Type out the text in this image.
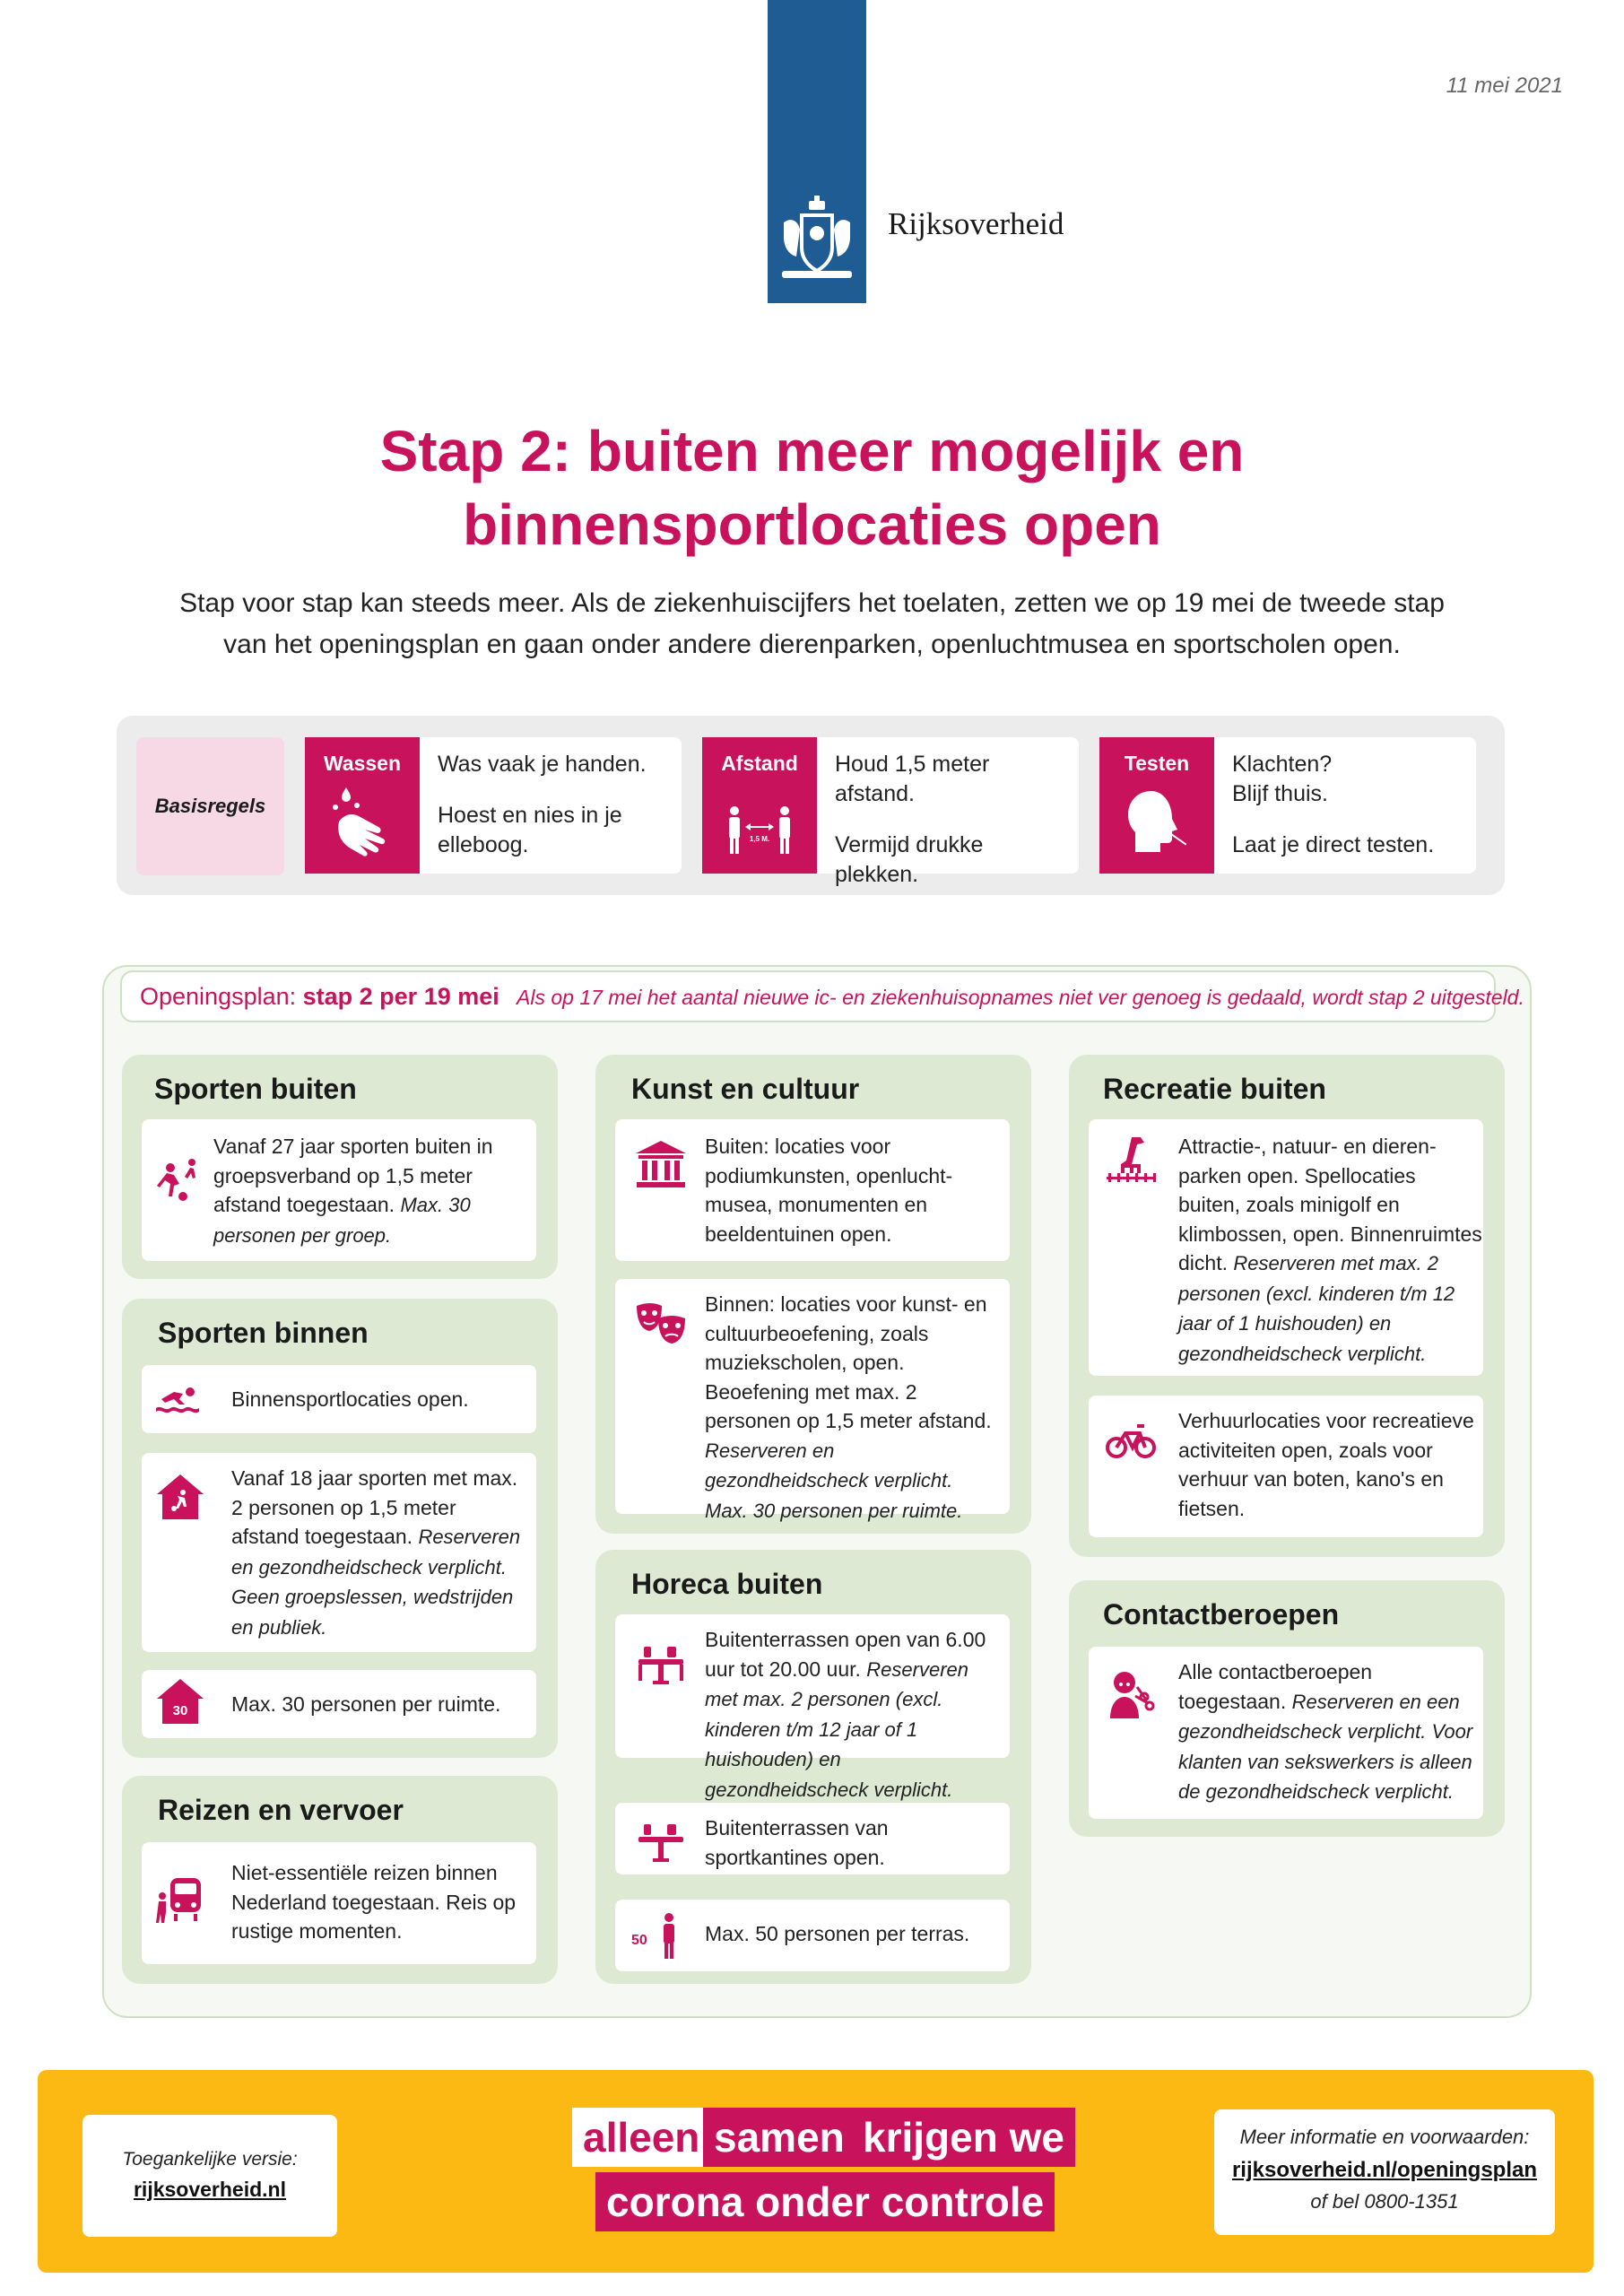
Rijksoverheid
11 mei 2021
Stap 2: buiten meer mogelijk en
binnensportlocaties open
Stap voor stap kan steeds meer. Als de ziekenhuiscijfers het toelaten, zetten we op 19 mei de tweede stap
van het openingsplan en gaan onder andere dierenparken, openluchtmusea en sportscholen open.
Basisregels
Wassen	Was vaak je handen.

Hoest en nies in je elleboog.

Afstand
1,5 M.

Houd 1,5 meter afstand.

Vermijd drukke plekken.

Testen	Klachten? Blijf thuis.

Laat je direct testen.

Openingsplan: stap 2 per 19 mei Als op 17 mei het aantal nieuwe ic- en ziekenhuisopnames niet ver genoeg is gedaald, wordt stap 2 uitgesteld.
Sporten buiten
Vanaf 27 jaar sporten buiten in groepsverband op 1,5 meter afstand toegestaan. Max. 30 personen per groep.
Sporten binnen
Binnensportlocaties open.
Vanaf 18 jaar sporten met max. 2 personen op 1,5 meter afstand toegestaan. Reserveren en gezondheidscheck verplicht. Geen groepslessen, wedstrijden en publiek.
30 Max. 30 personen per ruimte.
Reizen en vervoer
Niet-essentiële reizen binnen Nederland toegestaan. Reis op rustige momenten.
Kunst en cultuur
Buiten: locaties voor podiumkunsten, openlucht-musea, monumenten en beeldentuinen open.
Binnen: locaties voor kunst- en cultuurbeoefening, zoals muziekscholen, open. Beoefening met max. 2 personen op 1,5 meter afstand. Reserveren en gezondheidscheck verplicht. Max. 30 personen per ruimte.
Horeca buiten
Buitenterrassen open van 6.00 uur tot 20.00 uur. Reserveren met max. 2 personen (excl. kinderen t/m 12 jaar of 1 huishouden) en gezondheidscheck verplicht.
Buitenterrassen van sportkantines open.
50	Max. 50 personen per terras.
Recreatie buiten
Attractie-, natuur- en dieren-parken open. Spellocaties buiten, zoals minigolf en klimbossen, open. Binnenruimtes dicht. Reserveren met max. 2 personen (excl. kinderen t/m 12 jaar of 1 huishouden) en gezondheidscheck verplicht.
Verhuurlocaties voor recreatieve activiteiten open, zoals voor verhuur van boten, kano's en fietsen.
Contactberoepen
Alle contactberoepen toegestaan. Reserveren en een gezondheidscheck verplicht. Voor klanten van sekswerkers is alleen de gezondheidscheck verplicht.
Toegankelijke versie:
rijksoverheid.nl
alleen samen krijgen we
corona onder controle
Meer informatie en voorwaarden:
rijksoverheid.nl/openingsplan
of bel 0800-1351
